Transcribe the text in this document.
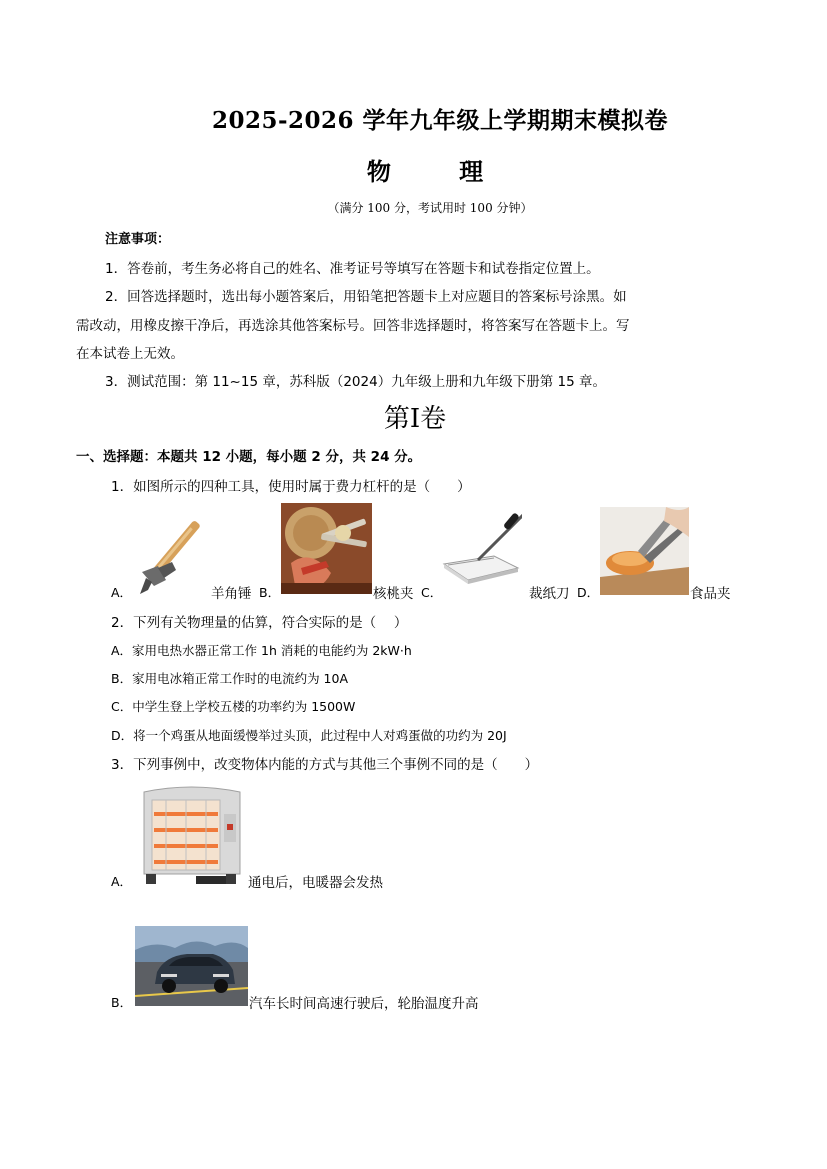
2025-2026 学年九年级上学期期末模拟卷
物 理
（满分 100 分，考试用时 100 分钟）
注意事项：
1．答卷前，考生务必将自己的姓名、准考证号等填写在答题卡和试卷指定位置上。
2．回答选择题时，选出每小题答案后，用铅笔把答题卡上对应题目的答案标号涂黑。如
需改动，用橡皮擦干净后，再选涂其他答案标号。回答非选择题时，将答案写在答题卡上。写
在本试卷上无效。
3．测试范围：第 11~15 章，苏科版（2024）九年级上册和九年级下册第 15 章。
第Ⅰ卷
一、选择题：本题共 12 小题，每小题 2 分，共 24 分。
1．如图所示的四种工具，使用时属于费力杠杆的是（　　）
A．	羊角锤 B．	核桃夹 C．	裁纸刀 D．	食品夹
2．下列有关物理量的估算，符合实际的是（　 ）
A．家用电热水器正常工作 1h 消耗的电能约为 2kW·h
B．家用电冰箱正常工作时的电流约为 10A
C．中学生登上学校五楼的功率约为 1500W
D．将一个鸡蛋从地面缓慢举过头顶，此过程中人对鸡蛋做的功约为 20J
3．下列事例中，改变物体内能的方式与其他三个事例不同的是（　　）
A．	通电后，电暖器会发热
B．	汽车长时间高速行驶后，轮胎温度升高
